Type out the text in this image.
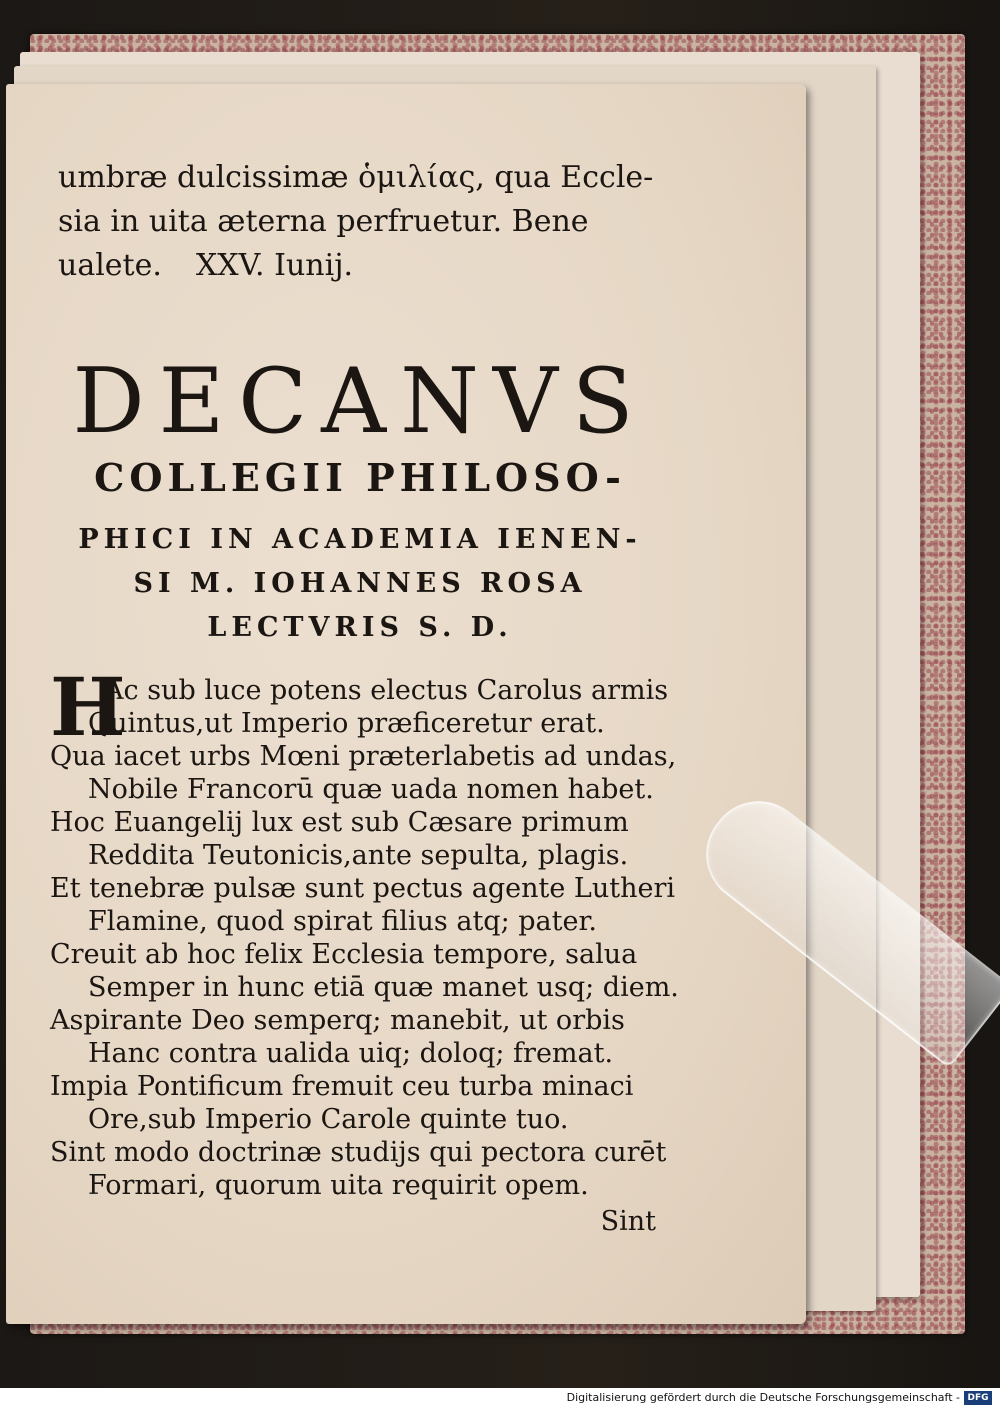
umbræ dulcissimæ ὁμιλίας, qua Eccle-
sia in uita æterna perfruetur. Bene
ualete. XXV. Iunij.

DECANVS
COLLEGII PHILOSO-
PHICI IN ACADEMIA IENEN-
SI M. IOHANNES ROSA
LECTVRIS S. D.
H
Ac sub luce potens electus Carolus armis
Quintus,ut Imperio præficeretur erat.
Qua iacet urbs Mœni præterlabetis ad undas,
Nobile Francorū quæ uada nomen habet.
Hoc Euangelij lux est sub Cæsare primum
Reddita Teutonicis,ante sepulta, plagis.
Et tenebræ pulsæ sunt pectus agente Lutheri
Flamine, quod spirat filius atq; pater.
Creuit ab hoc felix Ecclesia tempore, salua
Semper in hunc etiā quæ manet usq; diem.
Aspirante Deo semperq; manebit, ut orbis
Hanc contra ualida uiq; doloq; fremat.
Impia Pontificum fremuit ceu turba minaci
Ore,sub Imperio Carole quinte tuo.
Sint modo doctrinæ studijs qui pectora curēt
Formari, quorum uita requirit opem.
Sint
Digitalisierung gefördert durch die Deutsche Forschungsgemeinschaft - DFG
